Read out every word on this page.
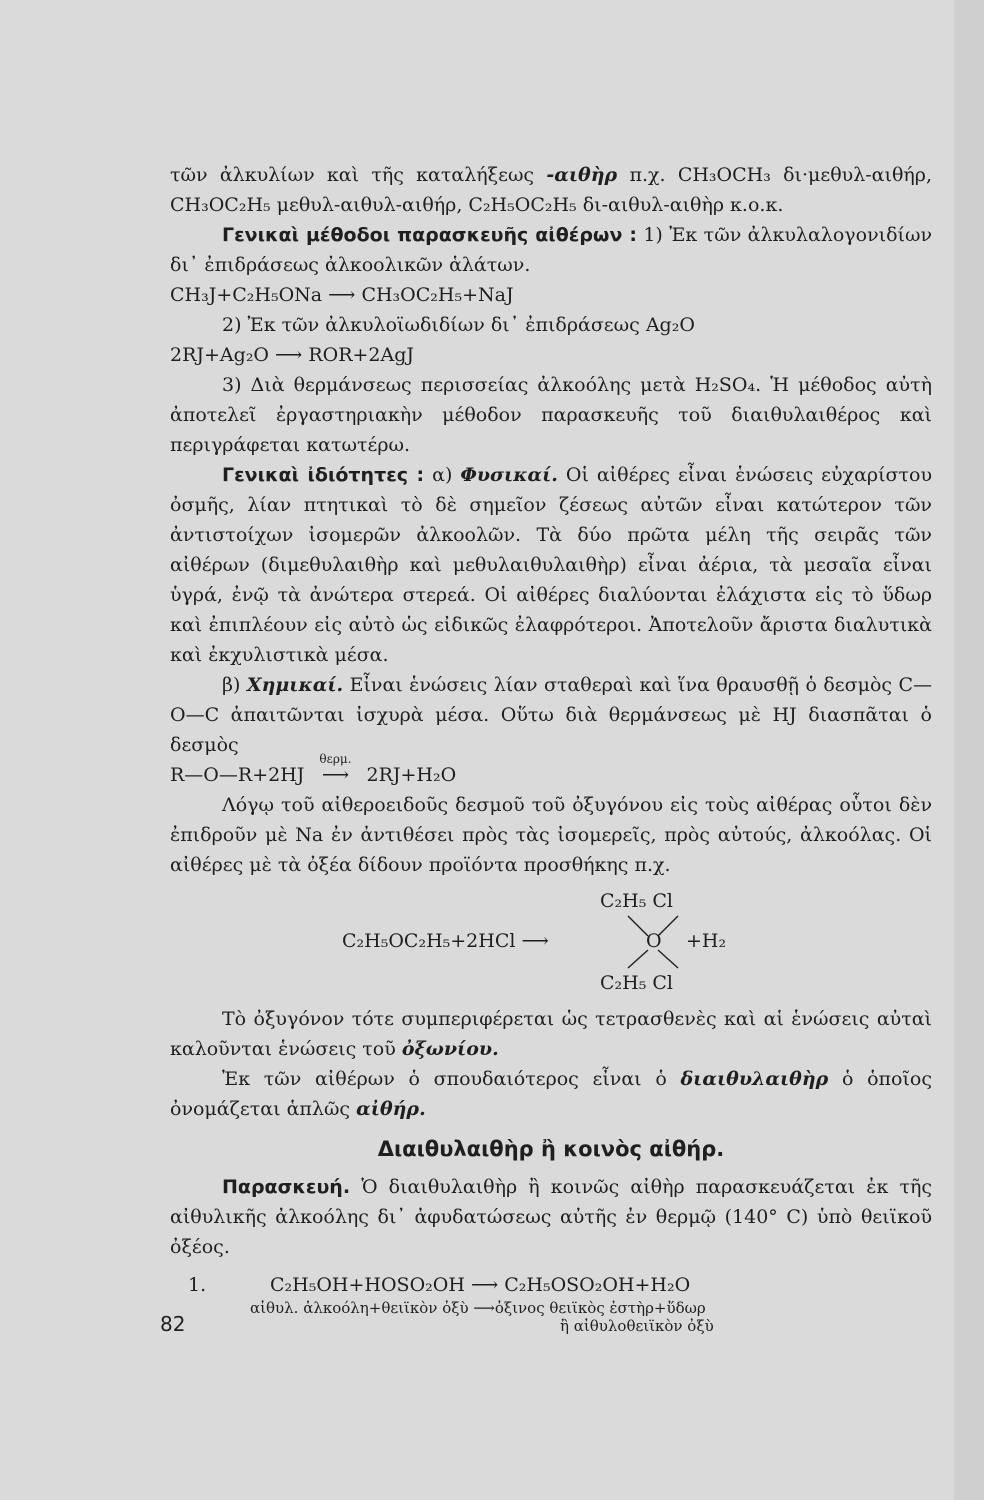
τῶν ἀλκυλίων καὶ τῆς καταλήξεως -αιθὴρ π.χ. CH₃OCH₃ δι·μεθυλ-αιθήρ, CH₃OC₂H₅ μεθυλ-αιθυλ-αιθήρ, C₂H₅OC₂H₅ δι-αιθυλ-αιθὴρ κ.ο.κ.

Γενικαὶ μέθοδοι παρασκευῆς αἰθέρων : 1) Ἐκ τῶν ἀλκυλαλογονιδίων δι᾽ ἐπιδράσεως ἀλκοολικῶν ἁλάτων.

CH₃J+C₂H₅ONa ⟶ CH₃OC₂H₅+NaJ

2) Ἐκ τῶν ἀλκυλοϊωδιδίων δι᾽ ἐπιδράσεως Ag₂O

2RJ+Ag₂O ⟶ ROR+2AgJ

3) Διὰ θερμάνσεως περισσείας ἀλκοόλης μετὰ H₂SO₄. Ἡ μέθοδος αὐτὴ ἀποτελεῖ ἐργαστηριακὴν μέθοδον παρασκευῆς τοῦ διαιθυλαιθέρος καὶ περιγράφεται κατωτέρω.

Γενικαὶ ἰδιότητες : α) Φυσικαί. Οἱ αἰθέρες εἶναι ἑνώσεις εὐχαρίστου ὀσμῆς, λίαν πτητικαὶ τὸ δὲ σημεῖον ζέσεως αὐτῶν εἶναι κατώτερον τῶν ἀντιστοίχων ἰσομερῶν ἀλκοολῶν. Τὰ δύο πρῶτα μέλη τῆς σειρᾶς τῶν αἰθέρων (διμεθυλαιθὴρ καὶ μεθυλαιθυλαιθὴρ) εἶναι ἀέρια, τὰ μεσαῖα εἶναι ὑγρά, ἐνῷ τὰ ἀνώτερα στερεά. Οἱ αἰθέρες διαλύονται ἐλάχιστα εἰς τὸ ὕδωρ καὶ ἐπιπλέουν εἰς αὐτὸ ὡς εἰδικῶς ἐλαφρότεροι. Ἀποτελοῦν ἄριστα διαλυτικὰ καὶ ἐκχυλιστικὰ μέσα.

β) Χημικαί. Εἶναι ἑνώσεις λίαν σταθεραὶ καὶ ἵνα θραυσθῇ ὁ δεσμὸς C—O—C ἀπαιτῶνται ἰσχυρὰ μέσα. Οὕτω διὰ θερμάνσεως μὲ HJ διασπᾶται ὁ δεσμὸς

R—O—R+2HJ
θερμ.
⟶ 2RJ+H₂O

Λόγῳ τοῦ αἰθεροειδοῦς δεσμοῦ τοῦ ὀξυγόνου εἰς τοὺς αἰθέρας οὗτοι δὲν ἐπιδροῦν μὲ Na ἐν ἀντιθέσει πρὸς τὰς ἰσομερεῖς, πρὸς αὐτούς, ἀλκοόλας. Οἱ αἰθέρες μὲ τὰ ὀξέα δίδουν προϊόντα προσθήκης π.χ.

C₂H₅OC₂H₅+2HCl ⟶
C₂H₅ Cl
O
C₂H₅ Cl
+H₂

Τὸ ὀξυγόνον τότε συμπεριφέρεται ὡς τετρασθενὲς καὶ αἱ ἑνώσεις αὐταὶ καλοῦνται ἑνώσεις τοῦ ὀξωνίου.

Ἐκ τῶν αἰθέρων ὁ σπουδαιότερος εἶναι ὁ διαιθυλαιθὴρ ὁ ὁποῖος ὀνομάζεται ἁπλῶς αἰθήρ.

Διαιθυλαιθὴρ ἢ κοινὸς αἰθήρ.

Παρασκευή. Ὁ διαιθυλαιθὴρ ἢ κοινῶς αἰθὴρ παρασκευάζεται ἐκ τῆς αἰθυλικῆς ἀλκοόλης δι᾽ ἀφυδατώσεως αὐτῆς ἐν θερμῷ (140° C) ὑπὸ θειϊκοῦ ὀξέος.

1.	C₂H₅OH+HOSO₂OH ⟶ C₂H₅OSO₂OH+H₂O
αἰθυλ. ἀλκοόλη+θειϊκὸν ὀξὺ ⟶ὀξινος θειϊκὸς ἐστὴρ+ὕδωρ
ἢ αἰθυλοθειϊκὸν ὀξὺ
82
